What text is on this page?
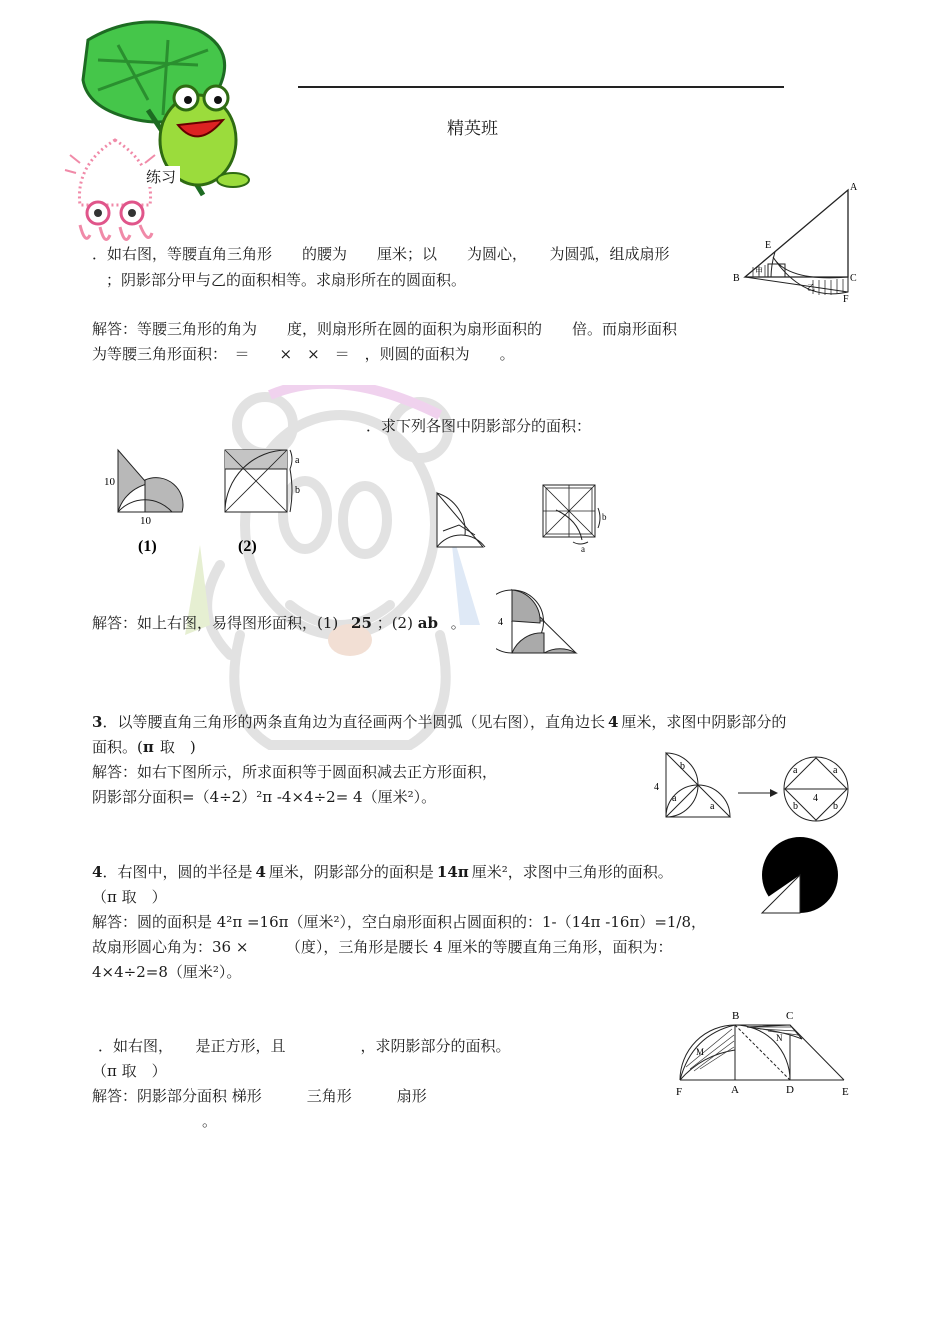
精英班
练习
．如右图，等腰直角三角形　　的腰为　　厘米；以　　为圆心，　　为圆弧，组成扇形
；阴影部分甲与乙的面积相等。求扇形所在的圆面积。
解答：等腰三角形的角为　　度，则扇形所在圆的面积为扇形面积的　　倍。而扇形面积
为等腰三角形面积：　＝　　×　×　＝　，则圆的面积为　　。
A
B	C
E
F
甲
乙
．求下列各图中阴影部分的面积：
10
10
(1)
a
b
(2)
b
a
解答：如上右图，易得图形面积，(1) 25 ；(2) ab 。	4
3．以等腰直角三角形的两条直角边为直径画两个半圆弧（见右图），直角边长 4 厘米，求图中阴影部分的
面积。(π 取　)
解答：如右下图所示，所求面积等于圆面积减去正方形面积，
阴影部分面积=（4÷2）²π -4×4÷2= 4（厘米²）。
4
b
a
a
a	a
b	b
4
4．右图中，圆的半径是 4 厘米，阴影部分的面积是 14π 厘米²，求图中三角形的面积。
（π 取　）
解答：圆的面积是 4²π =16π（厘米²），空白扇形面积占圆面积的：1-（14π -16π）=1/8，
故扇形圆心角为：36 ×　　　（度），三角形是腰长 4 厘米的等腰直角三角形，面积为：
4×4÷2=8（厘米²）。
O
．如右图，　　是正方形，且　　　　　，求阴影部分的面积。
（π 取　）
解答：阴影部分面积 梯形　　　三角形　　　扇形
。
B	C
F	A	D	E
M
N
